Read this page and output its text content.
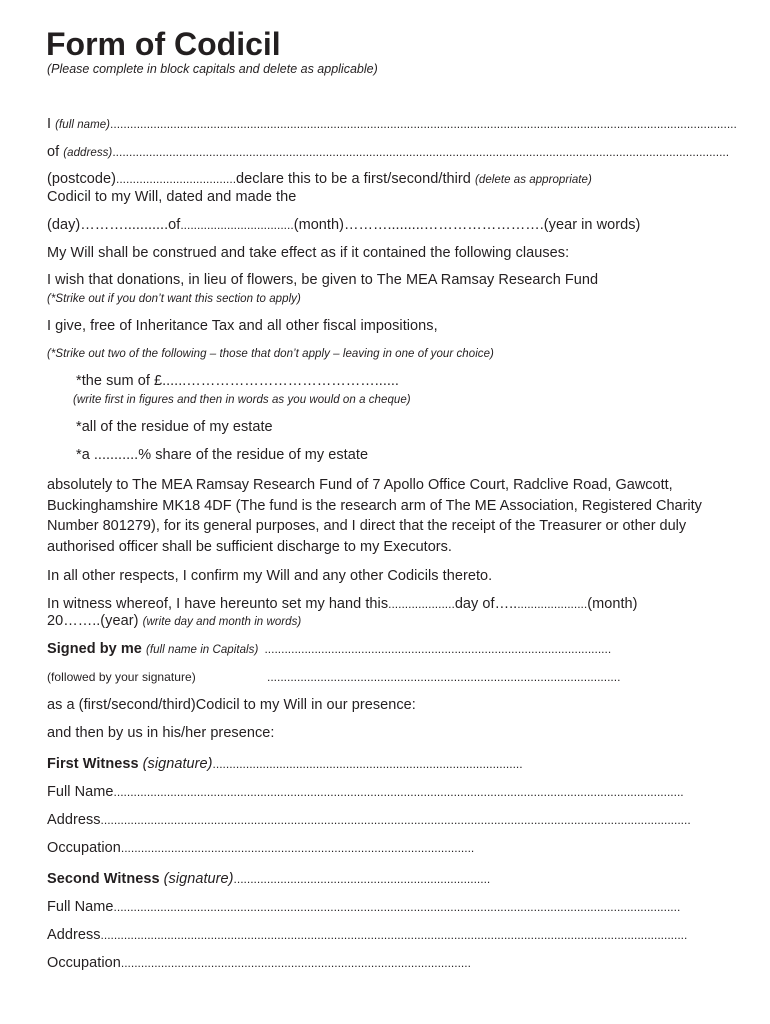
Form of Codicil
(Please complete in block capitals and delete as applicable)
I (full name)............................................................................................................................................................................................
of (address).........................................................................................................................................................................................
(postcode)....................................declare this to be a first/second/third (delete as appropriate)
Codicil to my Will, dated and made the
(day)………...........of..................................(month)……….........…………………….(year in words)
My Will shall be construed and take effect as if it contained the following clauses:
I wish that donations, in lieu of flowers, be given to The MEA Ramsay Research Fund
(*Strike out if you don’t want this section to apply)
I give, free of Inheritance Tax and all other fiscal impositions,
(*Strike out two of the following – those that don’t apply – leaving in one of your choice)
*the sum of £......…………………………………......
(write first in figures and then in words as you would on a cheque)
*all of the residue of my estate
*a ...........% share of the residue of my estate
absolutely to The MEA Ramsay Research Fund of 7 Apollo Office Court, Radclive Road, Gawcott, Buckinghamshire MK18 4DF (The fund is the research arm of The ME Association, Registered Charity Number 801279), for its general purposes, and I direct that the receipt of the Treasurer or other duly authorised officer shall be sufficient discharge to my Executors.
In all other respects, I confirm my Will and any other Codicils thereto.
In witness whereof, I have hereunto set my hand this....................day of….......................(month)
20……..(year) (write day and month in words)
Signed by me (full name in Capitals) ........................................................................................................
(followed by your signature)	..........................................................................................................
as a (first/second/third)Codicil to my Will in our presence:
and then by us in his/her presence:
First Witness (signature).............................................................................................
Full Name...........................................................................................................................................................................
Address.................................................................................................................................................................................
Occupation..........................................................................................................
Second Witness (signature).............................................................................
Full Name..........................................................................................................................................................................
Address................................................................................................................................................................................
Occupation.........................................................................................................
